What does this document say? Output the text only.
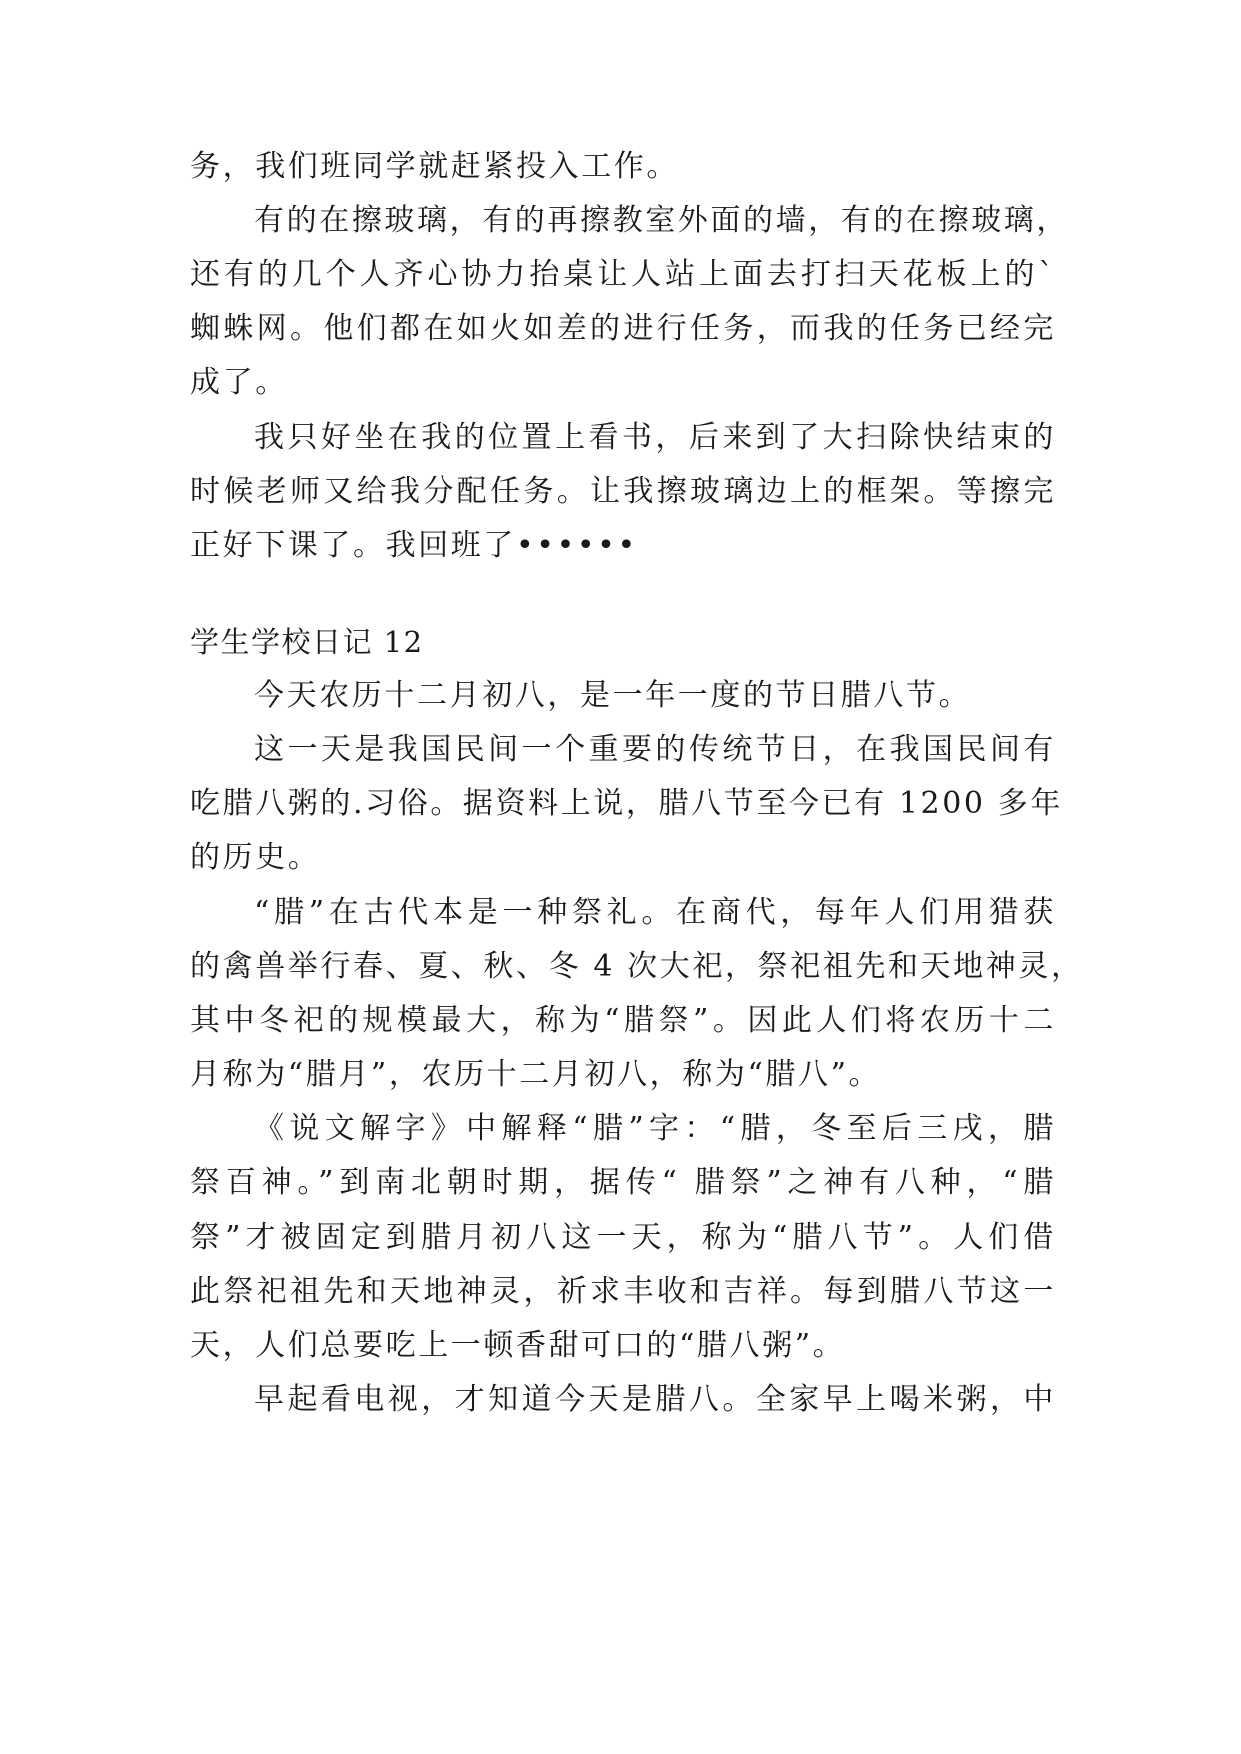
务，我们班同学就赶紧投入工作。
有的在擦玻璃，有的再擦教室外面的墙，有的在擦玻璃，
还有的几个人齐心协力抬桌让人站上面去打扫天花板上的`
蜘蛛网。他们都在如火如差的进行任务，而我的任务已经完
成了。
我只好坐在我的位置上看书，后来到了大扫除快结束的
时候老师又给我分配任务。让我擦玻璃边上的框架。等擦完
正好下课了。我回班了••••••
学生学校日记 12
今天农历十二月初八，是一年一度的节日腊八节。
这一天是我国民间一个重要的传统节日，在我国民间有
吃腊八粥的.习俗。据资料上说，腊八节至今已有 1200 多年
的历史。
“腊”在古代本是一种祭礼。在商代，每年人们用猎获
的禽兽举行春、夏、秋、冬 4 次大祀，祭祀祖先和天地神灵，
其中冬祀的规模最大，称为“腊祭”。因此人们将农历十二
月称为“腊月”，农历十二月初八，称为“腊八”。
《说文解字》中解释“腊”字：“腊，冬至后三戌，腊
祭百神。”到南北朝时期，据传“ 腊祭”之神有八种，“腊
祭”才被固定到腊月初八这一天，称为“腊八节”。人们借
此祭祀祖先和天地神灵，祈求丰收和吉祥。每到腊八节这一
天，人们总要吃上一顿香甜可口的“腊八粥”。
早起看电视，才知道今天是腊八。全家早上喝米粥，中
